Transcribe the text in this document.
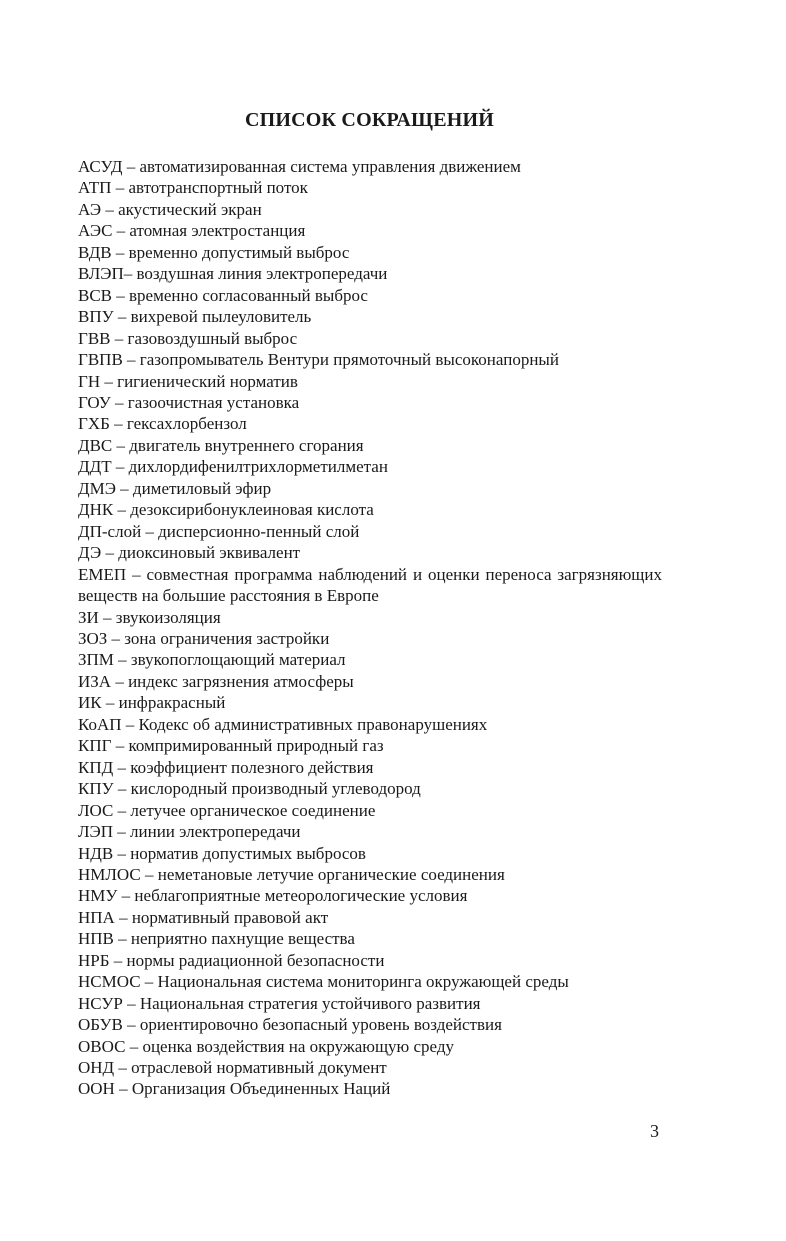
СПИСОК СОКРАЩЕНИЙ
АСУД – автоматизированная система управления движением
АТП – автотранспортный поток
АЭ – акустический экран
АЭС – атомная электростанция
ВДВ – временно допустимый выброс
ВЛЭП– воздушная линия электропередачи
ВСВ – временно согласованный выброс
ВПУ – вихревой пылеуловитель
ГВВ – газовоздушный выброс
ГВПВ – газопромыватель Вентури прямоточный высоконапорный
ГН – гигиенический норматив
ГОУ – газоочистная установка
ГХБ – гексахлорбензол
ДВС – двигатель внутреннего сгорания
ДДТ – дихлордифенилтрихлорметилметан
ДМЭ – диметиловый эфир
ДНК – дезоксирибонуклеиновая кислота
ДП-слой – дисперсионно-пенный слой
ДЭ – диоксиновый эквивалент
ЕМЕП – совместная программа наблюдений и оценки переноса загрязняющих веществ на большие расстояния в Европе
ЗИ – звукоизоляция
ЗОЗ – зона ограничения застройки
ЗПМ – звукопоглощающий материал
ИЗА – индекс загрязнения атмосферы
ИК – инфракрасный
КоАП – Кодекс об административных правонарушениях
КПГ – компримированный природный газ
КПД – коэффициент полезного действия
КПУ – кислородный производный углеводород
ЛОС – летучее органическое соединение
ЛЭП – линии электропередачи
НДВ – норматив допустимых выбросов
НМЛОС – неметановые летучие органические соединения
НМУ – неблагоприятные метеорологические условия
НПА – нормативный правовой акт
НПВ – неприятно пахнущие вещества
НРБ – нормы радиационной безопасности
НСМОС – Национальная система мониторинга окружающей среды
НСУР – Национальная стратегия устойчивого развития
ОБУВ – ориентировочно безопасный уровень воздействия
ОВОС – оценка воздействия на окружающую среду
ОНД – отраслевой нормативный документ
ООН – Организация Объединенных Наций
3
